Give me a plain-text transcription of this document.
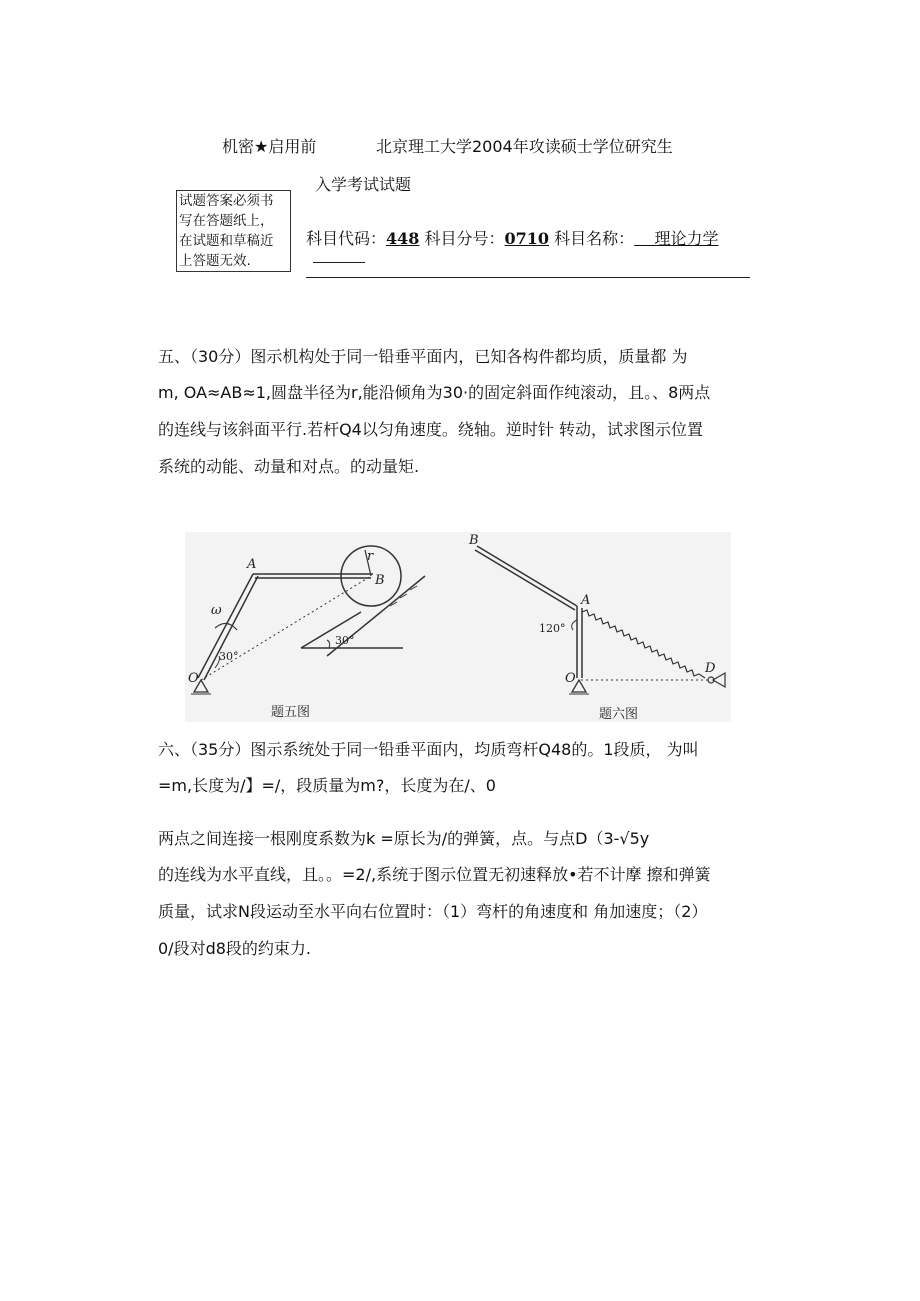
机密★启用前	北京理工大学2004年攻读硕士学位研究生
入学考试试题
试题答案必须书
写在答题纸上，
在试题和草稿近
上答题无效.
科目代码：448 科目分号：0710 科目名称： 理论力学
五、（30分）图示机构处于同一铅垂平面内，已知各构件都均质，质量都 为
m, OA≈AB≈1,圆盘半径为r,能沿倾角为30·的固定斜面作纯滚动，且。、8两点
的连线与该斜面平行.若杆Q4以匀角速度。绕轴。逆时针 转动，试求图示位置
系统的动能、动量和对点。的动量矩.
A
B
O
r
ω
30°
30°
题五图
B
A
O
D
120°
题六图
六、（35分）图示系统处于同一铅垂平面内，均质弯杆Q48的。1段质， 为叫
=m,长度为/】=/，段质量为m?，长度为在/、0
两点之间连接一根刚度系数为k =原长为/的弹簧，点。与点D（3-√5y
的连线为水平直线，且。。=2/,系统于图示位置无初速释放•若不计摩 擦和弹簧
质量，试求N段运动至水平向右位置时：（1）弯杆的角速度和 角加速度；（2）
0/段对d8段的约束力.
